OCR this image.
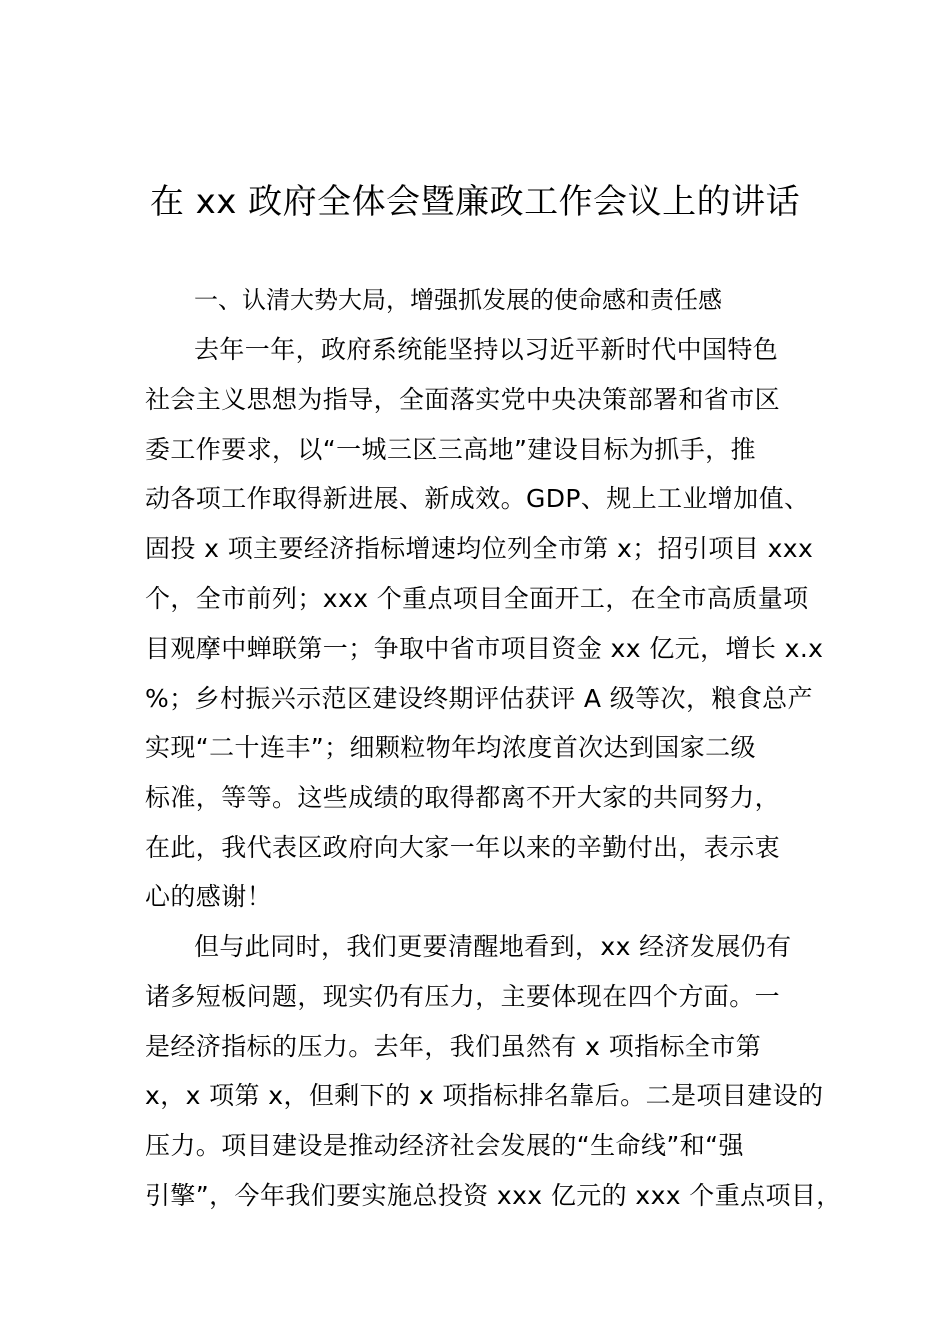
在 xx 政府全体会暨廉政工作会议上的讲话
一、认清大势大局，增强抓发展的使命感和责任感
去年一年，政府系统能坚持以习近平新时代中国特色
社会主义思想为指导，全面落实党中央决策部署和省市区
委工作要求，以“一城三区三高地”建设目标为抓手，推
动各项工作取得新进展、新成效。GDP、规上工业增加值、
固投 x 项主要经济指标增速均位列全市第 x；招引项目 xxx
个，全市前列；xxx 个重点项目全面开工，在全市高质量项
目观摩中蝉联第一；争取中省市项目资金 xx 亿元，增长 x.x
%；乡村振兴示范区建设终期评估获评 A 级等次，粮食总产
实现“二十连丰”；细颗粒物年均浓度首次达到国家二级
标准，等等。这些成绩的取得都离不开大家的共同努力，
在此，我代表区政府向大家一年以来的辛勤付出，表示衷
心的感谢！
但与此同时，我们更要清醒地看到，xx 经济发展仍有
诸多短板问题，现实仍有压力，主要体现在四个方面。一
是经济指标的压力。去年，我们虽然有 x 项指标全市第
x，x 项第 x，但剩下的 x 项指标排名靠后。二是项目建设的
压力。项目建设是推动经济社会发展的“生命线”和“强
引擎”，今年我们要实施总投资 xxx 亿元的 xxx 个重点项目，
